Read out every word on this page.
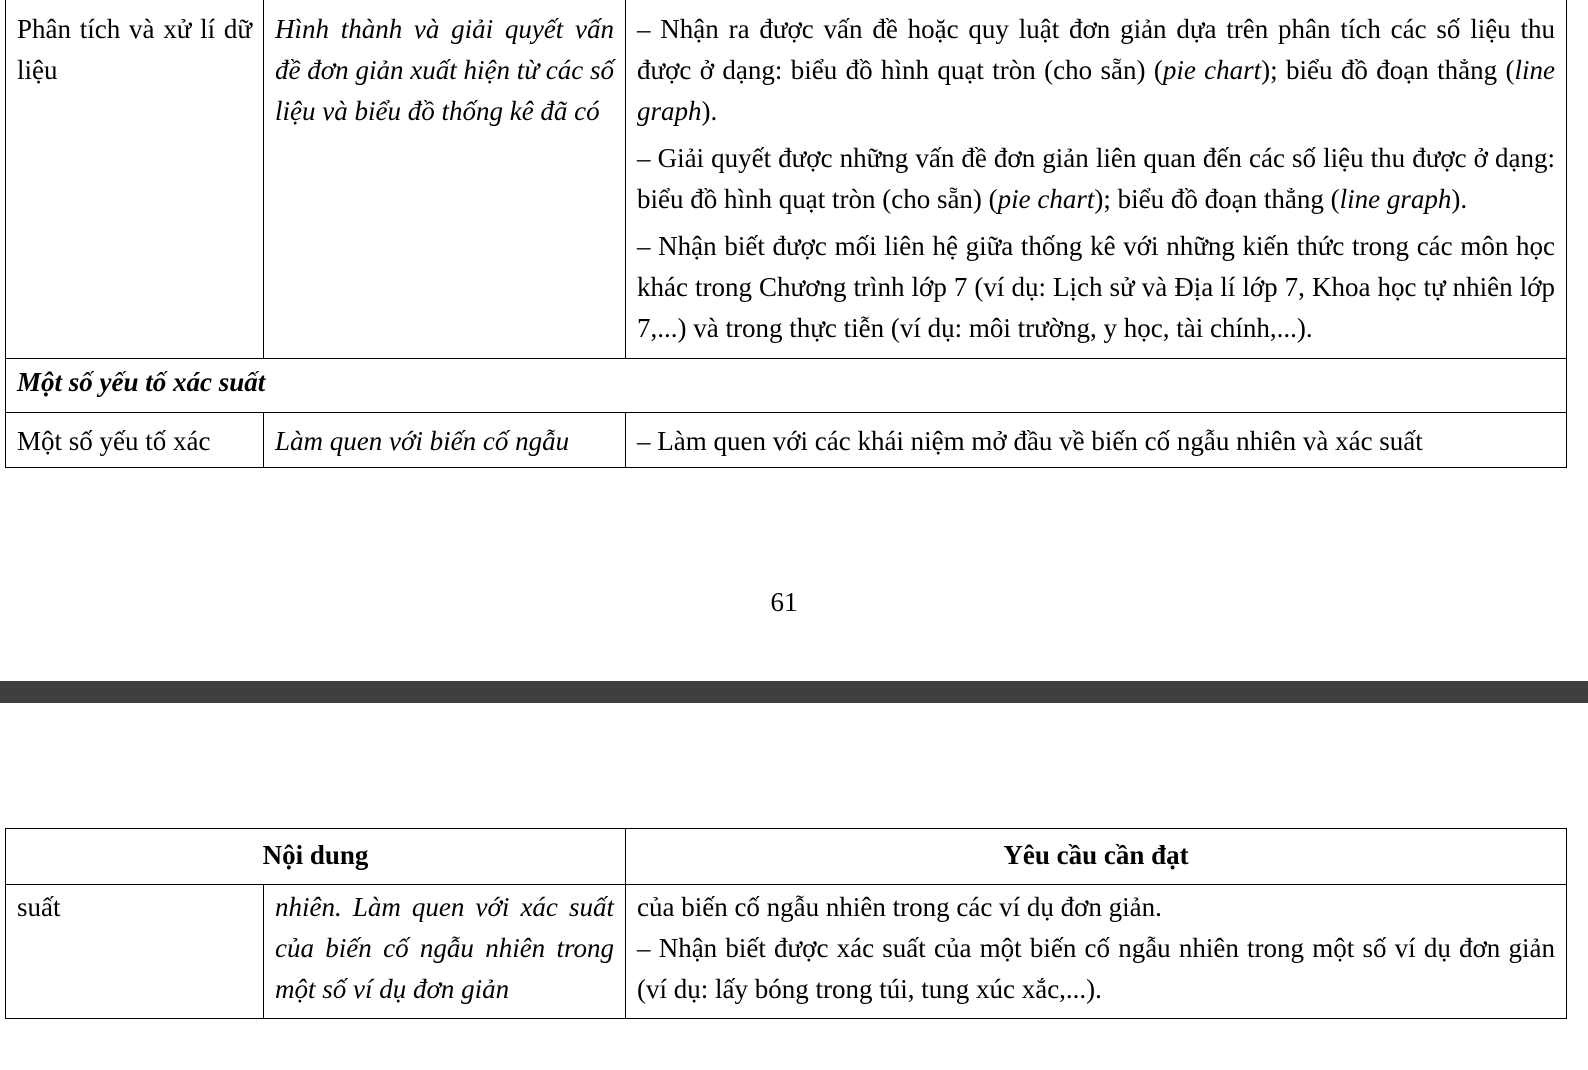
Phân tích và xử lí dữ liệu	Hình thành và giải quyết vấn đề đơn giản xuất hiện từ các số liệu và biểu đồ thống kê đã có	– Nhận ra được vấn đề hoặc quy luật đơn giản dựa trên phân tích các số liệu thu được ở dạng: biểu đồ hình quạt tròn (cho sẵn) (pie chart); biểu đồ đoạn thẳng (line graph).

– Giải quyết được những vấn đề đơn giản liên quan đến các số liệu thu được ở dạng: biểu đồ hình quạt tròn (cho sẵn) (pie chart); biểu đồ đoạn thẳng (line graph).

– Nhận biết được mối liên hệ giữa thống kê với những kiến thức trong các môn học khác trong Chương trình lớp 7 (ví dụ: Lịch sử và Địa lí lớp 7, Khoa học tự nhiên lớp 7,...) và trong thực tiễn (ví dụ: môi trường, y học, tài chính,...).

Một số yếu tố xác suất		
Một số yếu tố xác	Làm quen với biến cố ngẫu	– Làm quen với các khái niệm mở đầu về biến cố ngẫu nhiên và xác suất
61
Nội dung		Yêu cầu cần đạt
suất	nhiên. Làm quen với xác suất của biến cố ngẫu nhiên trong một số ví dụ đơn giản	của biến cố ngẫu nhiên trong các ví dụ đơn giản.

– Nhận biết được xác suất của một biến cố ngẫu nhiên trong một số ví dụ đơn giản (ví dụ: lấy bóng trong túi, tung xúc xắc,...).
